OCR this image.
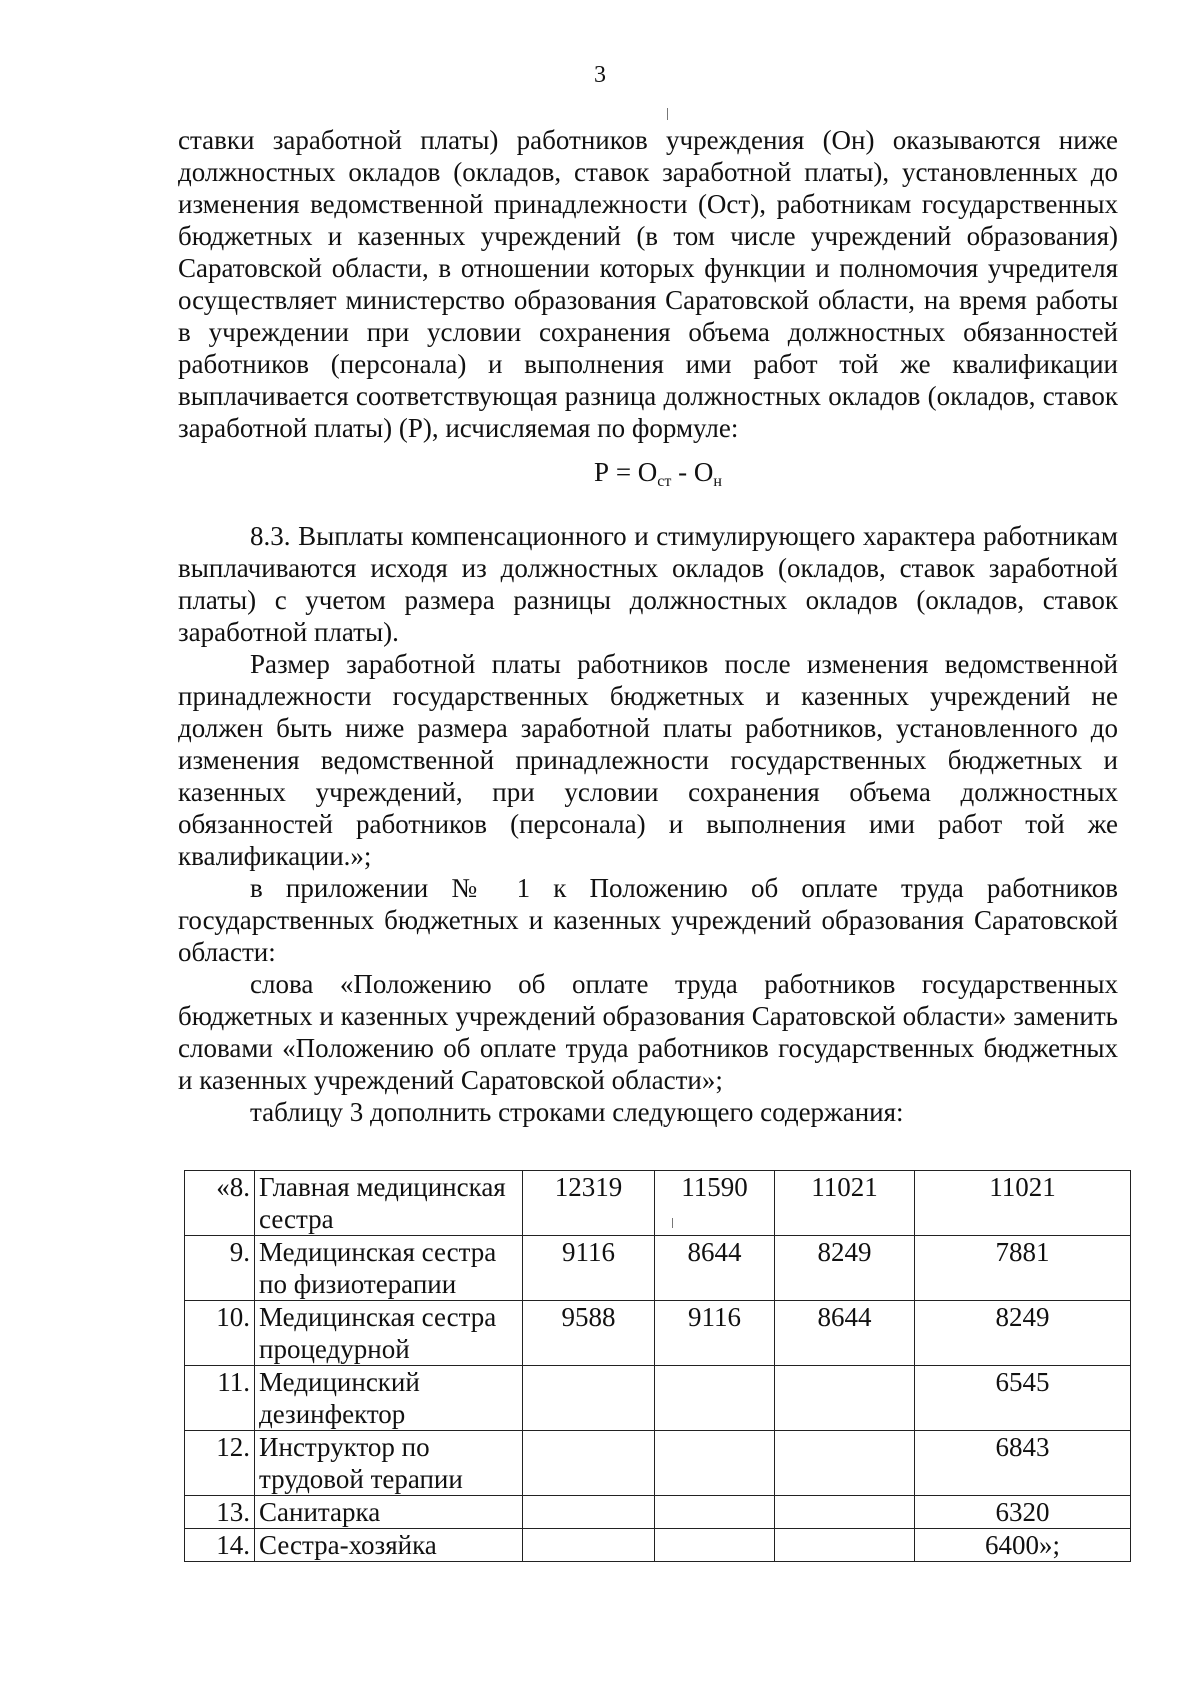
3

ставки заработной платы) работников учреждения (Он) оказываются ниже должностных окладов (окладов, ставок заработной платы), установленных до изменения ведомственной принадлежности (Ост), работникам государственных бюджетных и казенных учреждений (в том числе учреждений образования) Саратовской области, в отношении которых функции и полномочия учредителя осуществляет министерство образования Саратовской области, на время работы в учреждении при условии сохранения объема должностных обязанностей работников (персонала) и выполнения ими работ той же квалификации выплачивается соответствующая разница должностных окладов (окладов, ставок заработной платы) (Р), исчисляемая по формуле:

$Р = О_{ст} - О_н$

8.3. Выплаты компенсационного и стимулирующего характера работникам выплачиваются исходя из должностных окладов (окладов, ставок заработной платы) с учетом размера разницы должностных окладов (окладов, ставок заработной платы).

Размер заработной платы работников после изменения ведомственной принадлежности государственных бюджетных и казенных учреждений не должен быть ниже размера заработной платы работников, установленного до изменения ведомственной принадлежности государственных бюджетных и казенных учреждений, при условии сохранения объема должностных обязанностей работников (персонала) и выполнения ими работ той же квалификации.»;

в приложении № 1 к Положению об оплате труда работников государственных бюджетных и казенных учреждений образования Саратовской области:

слова «Положению об оплате труда работников государственных бюджетных и казенных учреждений образования Саратовской области» заменить словами «Положению об оплате труда работников государственных бюджетных и казенных учреждений Саратовской области»;

таблицу 3 дополнить строками следующего содержания:

«8.	Главная медицинская сестра	12319	11590	11021	11021
9.	Медицинская сестра по физиотерапии	9116	8644	8249	7881
10.	Медицинская сестра процедурной	9588	9116	8644	8249
11.	Медицинский дезинфектор				6545
12.	Инструктор по трудовой терапии				6843
13.	Санитарка				6320
14.	Сестра-хозяйка				6400»;
